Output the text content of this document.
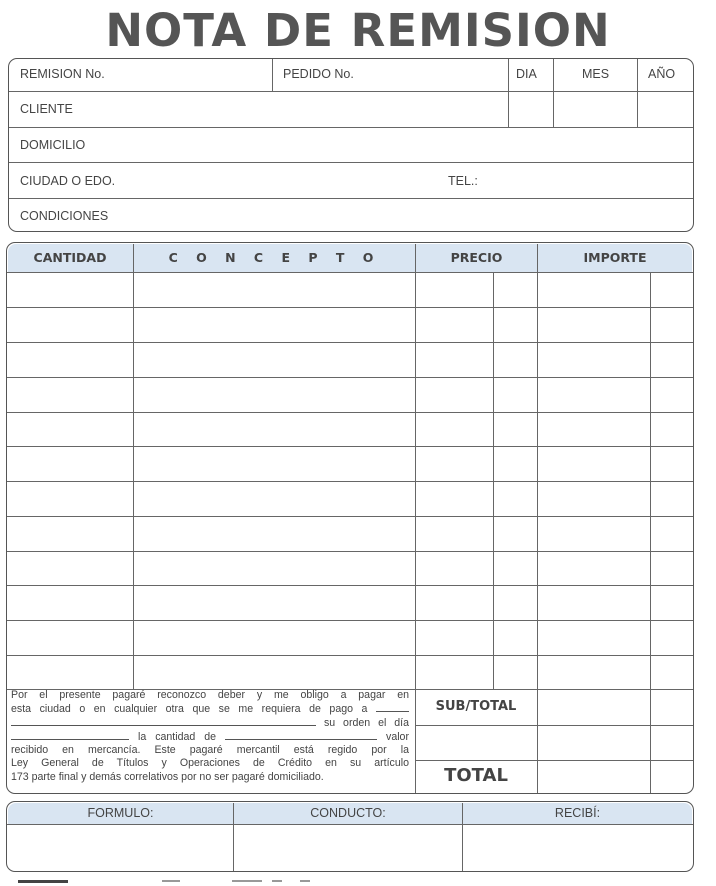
NOTA DE REMISION
REMISION No.	PEDIDO No.	DIA	MES	AÑO
CLIENTE
DOMICILIO
CIUDAD O EDO.	TEL.:
CONDICIONES
CANTIDAD	C O N C E P T O	PRECIO	IMPORTE
Por el presente pagaré reconozco deber y me obligo a pagar en
esta ciudad o en cualquier otra que se me requiera de pago a
su orden el día
la cantidad de	valor
recibido en mercancía. Este pagaré mercantil está regido por la
Ley General de Títulos y Operaciones de Crédito en su artículo
173 parte final y demás correlativos por no ser pagaré domiciliado.
SUB/TOTAL
TOTAL
FORMULO:	CONDUCTO:	RECIBÍ:
